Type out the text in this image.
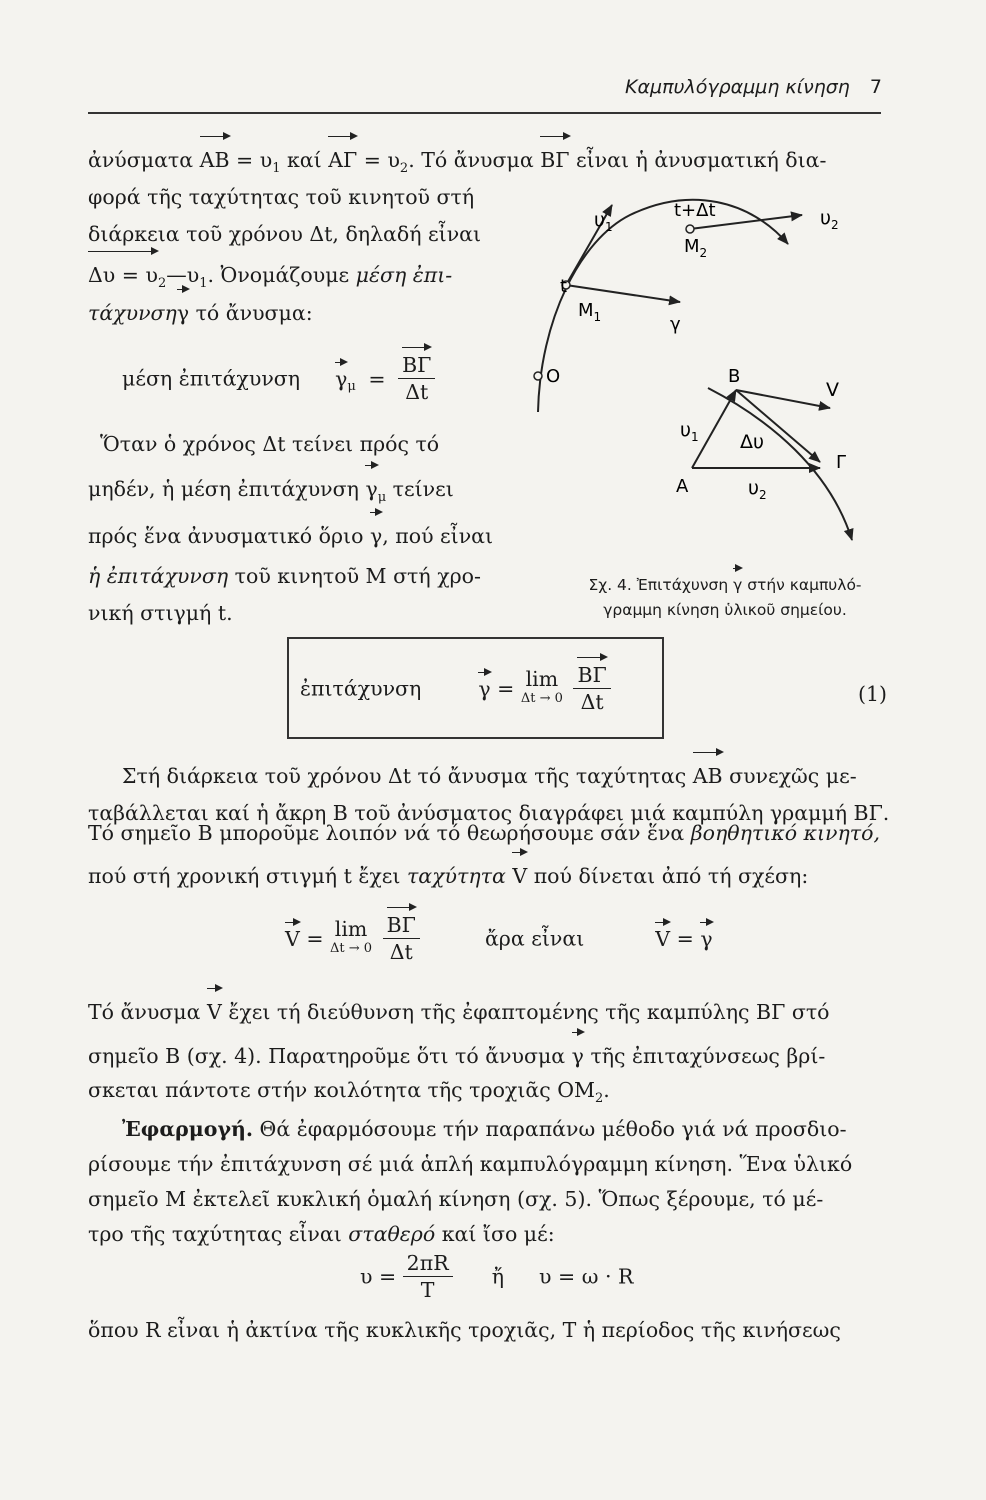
Καμπυλόγραμμη κίνηση 7
ἀνύσματα AB = $\upsilon_1$ καί $A\Gamma = \upsilon_2$. Τό ἄνυσμα ΒΓ εἶναι ἡ ἀνυσματική δια-
φορά τῆς ταχύτητας τοῦ κινητοῦ στή
διάρκεια τοῦ χρόνου Δt, δηλαδή εἶναι
$\Delta\upsilon = \upsilon_2—\upsilon_1$. Ὀνομάζουμε μέση ἐπι-
τάχυνσηγ τό ἄνυσμα:
μέση ἐπιτάχυνση $\gamma_\mu = \frac{B\Gamma}{\Delta t}$
Ὅταν ὁ χρόνος Δt τείνει πρός τό
μηδέν, ἡ μέση ἐπιτάχυνση $\gamma_\mu$ τείνει
πρός ἕνα ἀνυσματικό ὅριο γ, πού εἶναι
ἡ ἐπιτάχυνση τοῦ κινητοῦ Μ στή χρο-
νική στιγμή t.
t
t+Δt
$\upsilon_1$	$\upsilon_2$
$M_1$
$M_2$
γ
O	B
V
$\upsilon_1$ Δυ
Γ
A	$\upsilon_2$
Σχ. 4. Ἐπιτάχυνση γ στήν καμπυλό-
γραμμη κίνηση ὑλικοῦ σημείου.
ἐπιτάχυνση	γ = lim
Δt → 0
$\frac{B\Gamma}{\Delta t}$	(1)
Στή διάρκεια τοῦ χρόνου Δt τό ἄνυσμα τῆς ταχύτητας AB συνεχῶς με-
ταβάλλεται καί ἡ ἄκρη Β τοῦ ἀνύσματος διαγράφει μιά καμπύλη γραμμή ΒΓ.
Τό σημεῖο Β μποροῦμε λοιπόν νά τό θεωρήσουμε σάν ἕνα βοηθητικό κινητό,
πού στή χρονική στιγμή t ἔχει ταχύτητα V πού δίνεται ἀπό τή σχέση:
V = lim
Δt → 0
$\frac{B\Gamma}{\Delta t}$	ἄρα εἶναι	V = γ
Τό ἄνυσμα V ἔχει τή διεύθυνση τῆς ἐφαπτομένης τῆς καμπύλης ΒΓ στό
σημεῖο Β (σχ. 4). Παρατηροῦμε ὅτι τό ἄνυσμα γ τῆς ἐπιταχύνσεως βρί-
σκεται πάντοτε στήν κοιλότητα τῆς τροχιᾶς $OM_2$.
Ἐφαρμογή. Θά ἐφαρμόσουμε τήν παραπάνω μέθοδο γιά νά προσδιο-
ρίσουμε τήν ἐπιτάχυνση σέ μιά ἁπλή καμπυλόγραμμη κίνηση. Ἕνα ὑλικό
σημεῖο Μ ἐκτελεῖ κυκλική ὁμαλή κίνηση (σχ. 5). Ὅπως ξέρουμε, τό μέ-
τρο τῆς ταχύτητας εἶναι σταθερό καί ἴσο μέ:
$\upsilon = \frac{2\pi R}{T}$ ἤ υ = ω · R
ὅπου R εἶναι ἡ ἀκτίνα τῆς κυκλικῆς τροχιᾶς, T ἡ περίοδος τῆς κινήσεως
